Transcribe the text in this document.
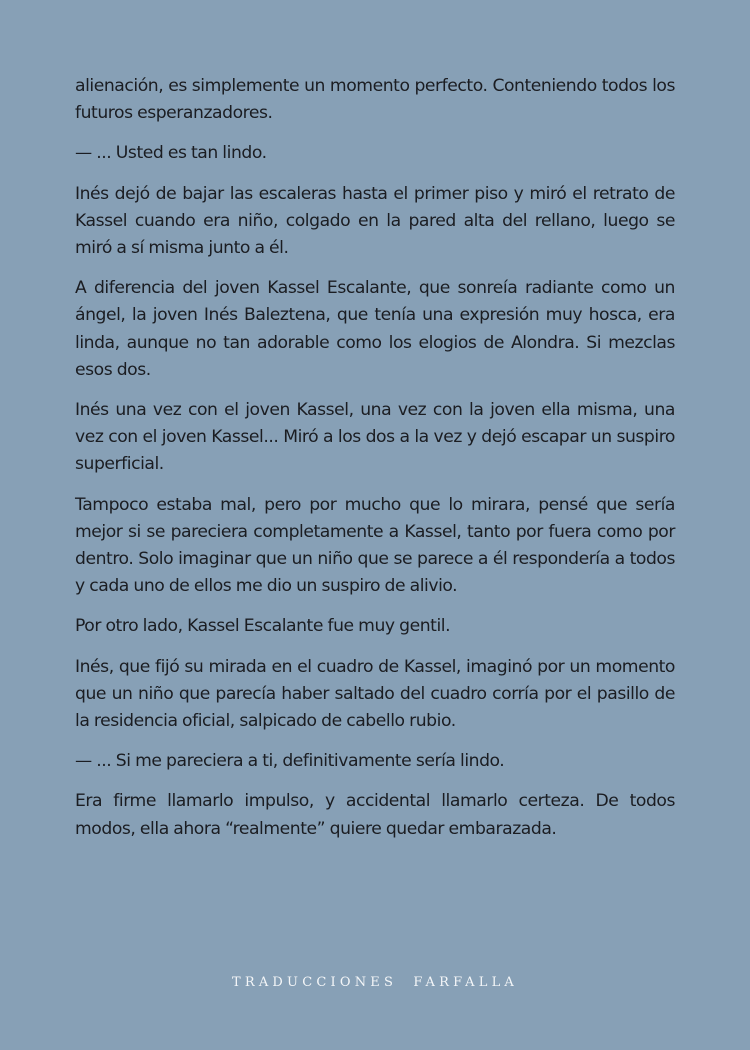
alienación, es simplemente un momento perfecto. Conteniendo todos los futuros esperanzadores.

— ... Usted es tan lindo.

Inés dejó de bajar las escaleras hasta el primer piso y miró el retrato de Kassel cuando era niño, colgado en la pared alta del rellano, luego se miró a sí misma junto a él.

A diferencia del joven Kassel Escalante, que sonreía radiante como un ángel, la joven Inés Baleztena, que tenía una expresión muy hosca, era linda, aunque no tan adorable como los elogios de Alondra. Si mezclas esos dos.

Inés una vez con el joven Kassel, una vez con la joven ella misma, una vez con el joven Kassel... Miró a los dos a la vez y dejó escapar un suspiro superficial.

Tampoco estaba mal, pero por mucho que lo mirara, pensé que sería mejor si se pareciera completamente a Kassel, tanto por fuera como por dentro. Solo imaginar que un niño que se parece a él respondería a todos y cada uno de ellos me dio un suspiro de alivio.

Por otro lado, Kassel Escalante fue muy gentil.

Inés, que fijó su mirada en el cuadro de Kassel, imaginó por un momento que un niño que parecía haber saltado del cuadro corría por el pasillo de la residencia oficial, salpicado de cabello rubio.

— ... Si me pareciera a ti, definitivamente sería lindo.

Era firme llamarlo impulso, y accidental llamarlo certeza. De todos modos, ella ahora “realmente” quiere quedar embarazada.

TRADUCCIONES FARFALLA
